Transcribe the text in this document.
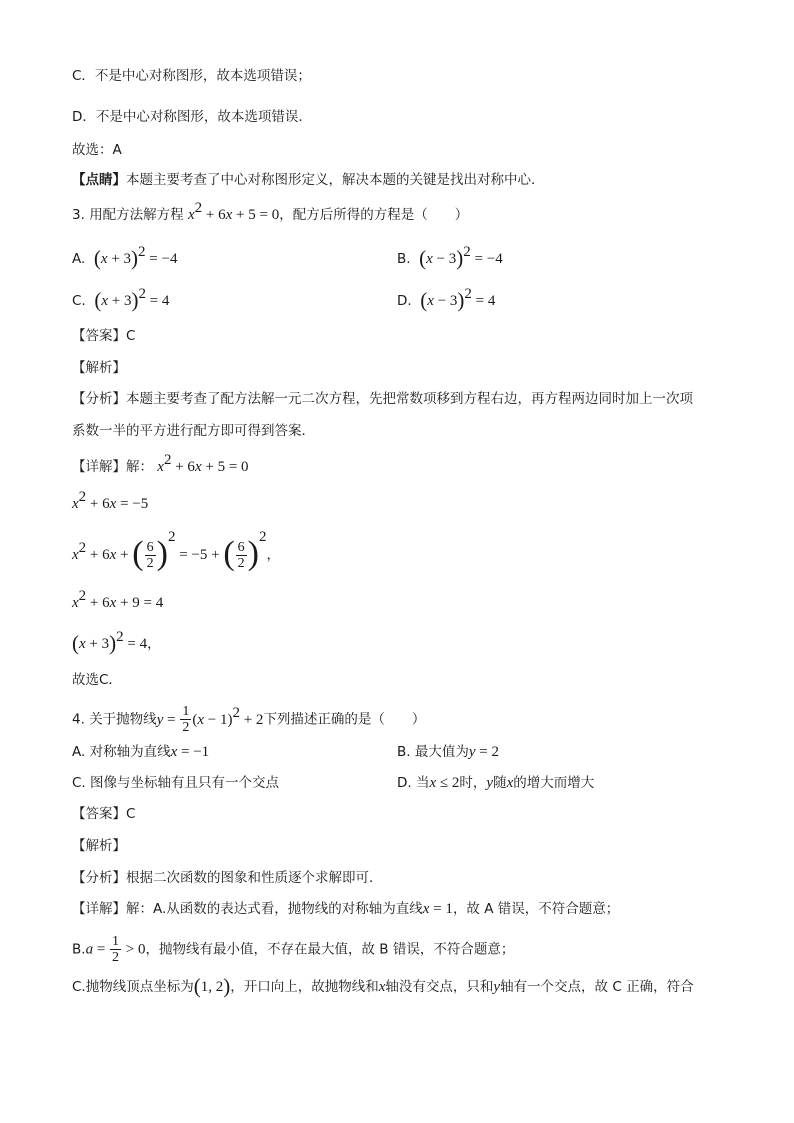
C．不是中心对称图形，故本选项错误；
D．不是中心对称图形，故本选项错误．
故选：A
【点睛】本题主要考查了中心对称图形定义，解决本题的关键是找出对称中心．
3. 用配方法解方程 $x^2 + 6x + 5 = 0$，配方后所得的方程是（　　）
A. $(x + 3)^2 = -4$	B. $(x - 3)^2 = -4$
C. $(x + 3)^2 = 4$	D. $(x - 3)^2 = 4$
【答案】C
【解析】
【分析】本题主要考查了配方法解一元二次方程，先把常数项移到方程右边，再方程两边同时加上一次项
系数一半的平方进行配方即可得到答案．
【详解】解： $x^2 + 6x + 5 = 0$
$x^2 + 6x = -5$
$x^2 + 6x$ + ( $\frac{6}{2} )^2 = -5$ + ( $\frac{6}{2} )^2$，
$x^2 + 6x + 9 = 4$
$(x + 3)^2 = 4$，
故选C．
4. 关于抛物线$y = \frac{1}{2} (x - 1)^2 + 2$下列描述正确的是（　　）
A. 对称轴为直线x = −1	B. 最大值为y = 2
C. 图像与坐标轴有且只有一个交点	D. 当x ≤ 2时，y随x的增大而增大
【答案】C
【解析】
【分析】根据二次函数的图象和性质逐个求解即可．
【详解】解：A.从函数的表达式看，抛物线的对称轴为直线x = 1，故 A 错误，不符合题意；
$B.a = \frac{1}{2} > 0$，抛物线有最小值，不存在最大值，故 B 错误，不符合题意；
C.抛物线顶点坐标为(1, 2)，开口向上，故抛物线和x轴没有交点，只和y轴有一个交点，故 C 正确，符合
